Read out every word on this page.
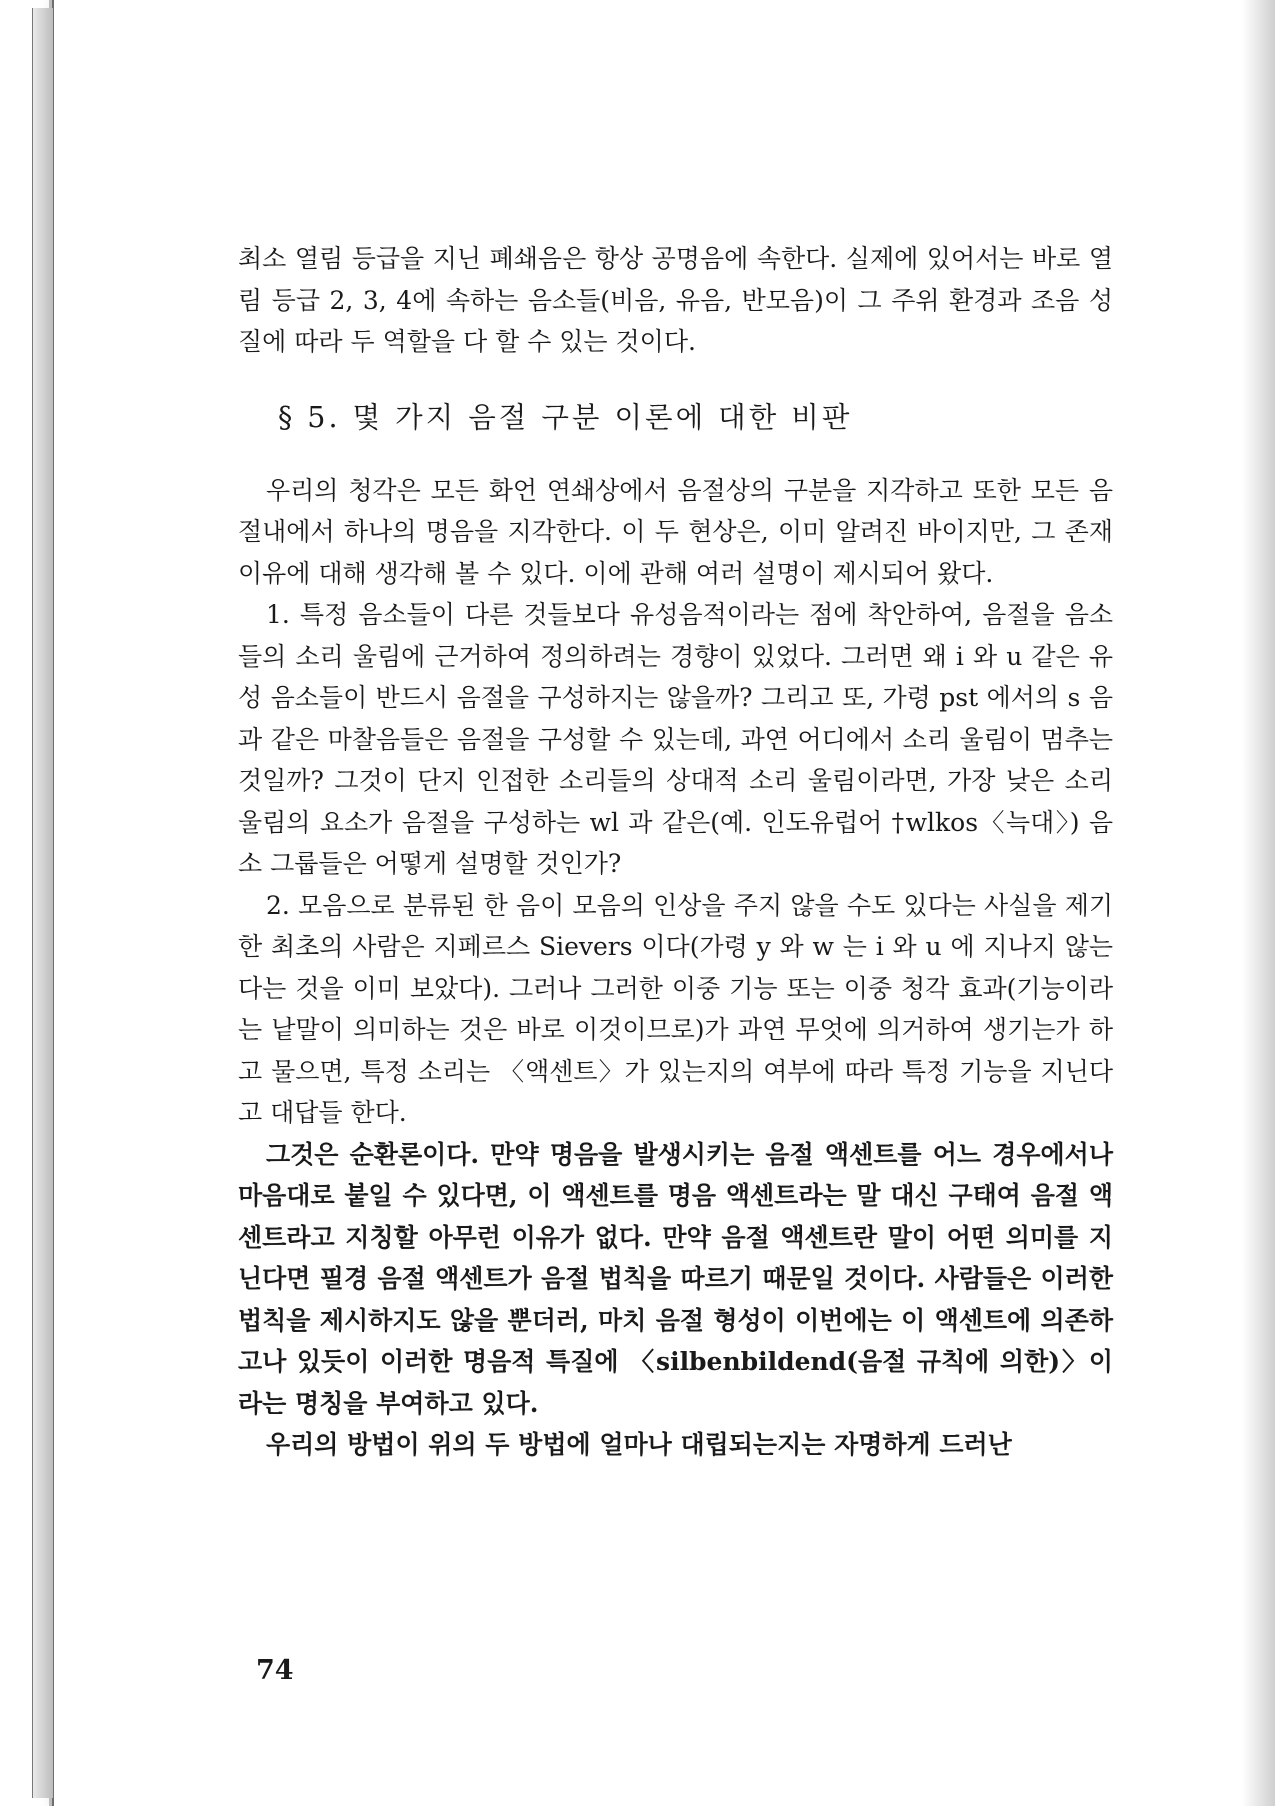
최소 열림 등급을 지닌 폐쇄음은 항상 공명음에 속한다. 실제에 있어서는 바로 열림 등급 2, 3, 4에 속하는 음소들(비음, 유음, 반모음)이 그 주위 환경과 조음 성질에 따라 두 역할을 다 할 수 있는 것이다.

§ 5. 몇 가지 음절 구분 이론에 대한 비판

우리의 청각은 모든 화언 연쇄상에서 음절상의 구분을 지각하고 또한 모든 음절내에서 하나의 명음을 지각한다. 이 두 현상은, 이미 알려진 바이지만, 그 존재 이유에 대해 생각해 볼 수 있다. 이에 관해 여러 설명이 제시되어 왔다.

1. 특정 음소들이 다른 것들보다 유성음적이라는 점에 착안하여, 음절을 음소들의 소리 울림에 근거하여 정의하려는 경향이 있었다. 그러면 왜 i 와 u 같은 유성 음소들이 반드시 음절을 구성하지는 않을까? 그리고 또, 가령 pst 에서의 s 음과 같은 마찰음들은 음절을 구성할 수 있는데, 과연 어디에서 소리 울림이 멈추는 것일까? 그것이 단지 인접한 소리들의 상대적 소리 울림이라면, 가장 낮은 소리 울림의 요소가 음절을 구성하는 wl 과 같은(예. 인도유럽어 †wlkos〈늑대〉) 음소 그룹들은 어떻게 설명할 것인가?

2. 모음으로 분류된 한 음이 모음의 인상을 주지 않을 수도 있다는 사실을 제기한 최초의 사람은 지페르스 Sievers 이다(가령 y 와 w 는 i 와 u 에 지나지 않는다는 것을 이미 보았다). 그러나 그러한 이중 기능 또는 이중 청각 효과(기능이라는 낱말이 의미하는 것은 바로 이것이므로)가 과연 무엇에 의거하여 생기는가 하고 물으면, 특정 소리는 〈액센트〉가 있는지의 여부에 따라 특정 기능을 지닌다고 대답들 한다.

그것은 순환론이다. 만약 명음을 발생시키는 음절 액센트를 어느 경우에서나 마음대로 붙일 수 있다면, 이 액센트를 명음 액센트라는 말 대신 구태여 음절 액센트라고 지칭할 아무런 이유가 없다. 만약 음절 액센트란 말이 어떤 의미를 지닌다면 필경 음절 액센트가 음절 법칙을 따르기 때문일 것이다. 사람들은 이러한 법칙을 제시하지도 않을 뿐더러, 마치 음절 형성이 이번에는 이 액센트에 의존하고나 있듯이 이러한 명음적 특질에 〈silbenbildend(음절 규칙에 의한)〉이라는 명칭을 부여하고 있다.

우리의 방법이 위의 두 방법에 얼마나 대립되는지는 자명하게 드러난

74
